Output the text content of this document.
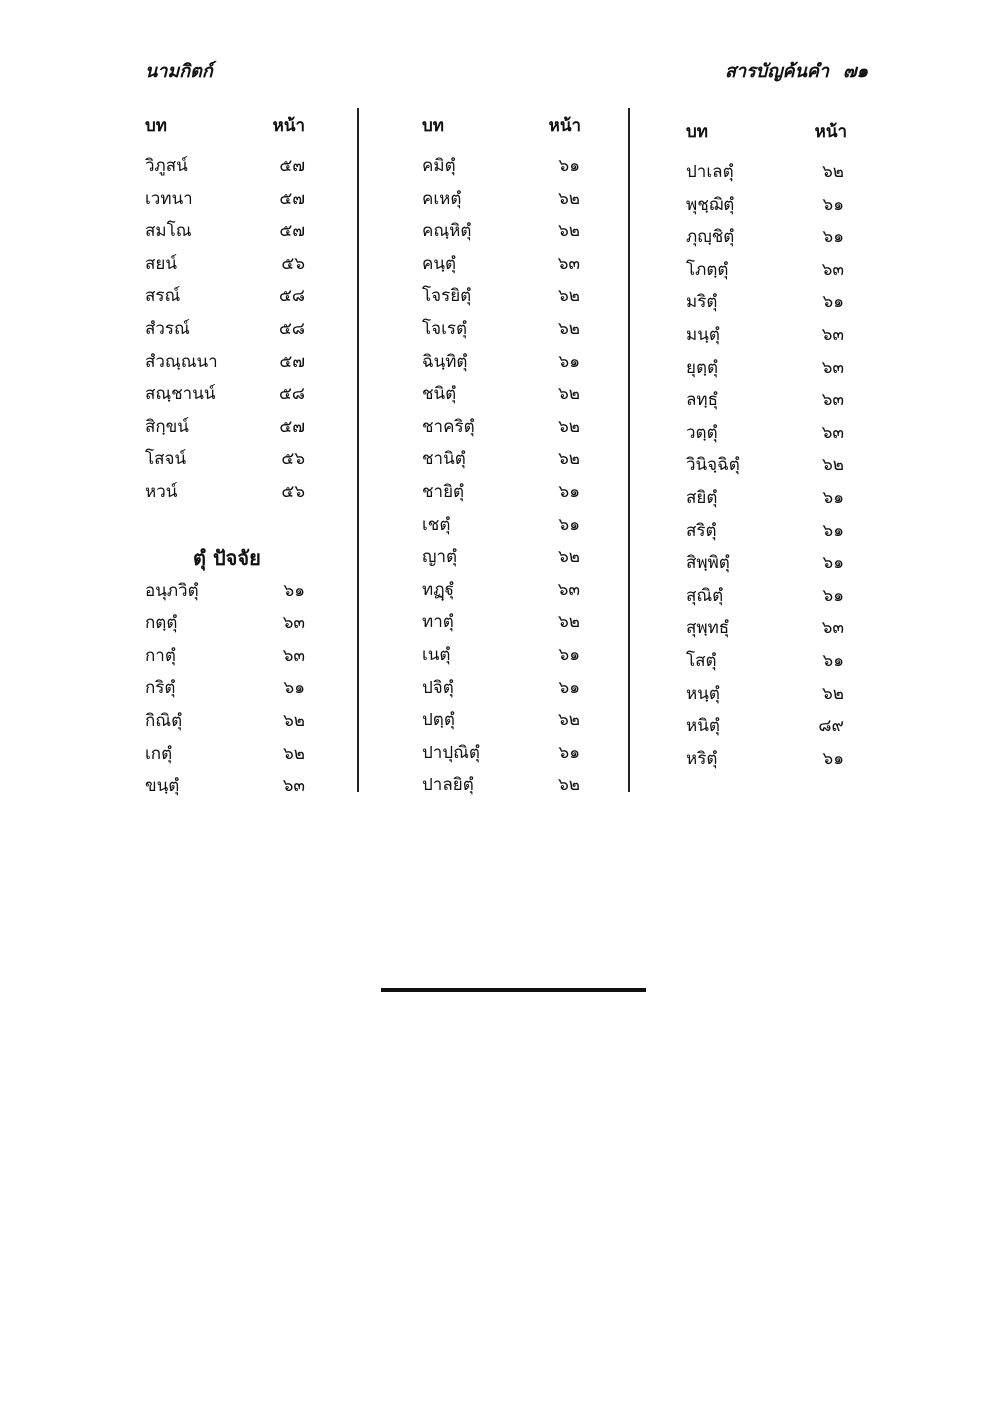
นามกิตก์	สารบัญค้นคำ ๗๑
บท	หน้า
วิภูสน์	๕๗
เวทนา	๕๗
สมโณ	๕๗
สยน์	๕๖
สรณ์	๕๘
สํวรณ์	๕๘
สํวณฺณนา	๕๗
สณฺชานน์	๕๘
สิกฺขน์	๕๗
โสจน์	๕๖
หวน์	๕๖
ตุํ ปัจจัย
อนุภวิตุํ	๖๑
กตฺตุํ	๖๓
กาตุํ	๖๓
กริตุํ	๖๑
กิณิตุํ	๖๒
เกตุํ	๖๒
ขนฺตุํ	๖๓
บท	หน้า
คมิตุํ	๖๑
คเหตุํ	๖๒
คณฺหิตุํ	๖๒
คนฺตุํ	๖๓
โจรยิตุํ	๖๒
โจเรตุํ	๖๒
ฉินฺทิตุํ	๖๑
ชนิตุํ	๖๒
ชาคริตุํ	๖๒
ชานิตุํ	๖๒
ชายิตุํ	๖๑
เชตุํ	๖๑
ญาตุํ	๖๒
ทฏฺฐุํ	๖๓
ทาตุํ	๖๒
เนตุํ	๖๑
ปจิตุํ	๖๑
ปตฺตุํ	๖๒
ปาปุณิตุํ	๖๑
ปาลยิตุํ	๖๒
บท	หน้า
ปาเลตุํ	๖๒
พุชฺฌิตุํ	๖๑
ภุญฺชิตุํ	๖๑
โภตฺตุํ	๖๓
มริตุํ	๖๑
มนฺตุํ	๖๓
ยุตฺตุํ	๖๓
ลทฺธุํ	๖๓
วตฺตุํ	๖๓
วินิจฺฉิตุํ	๖๒
สยิตุํ	๖๑
สริตุํ	๖๑
สิพฺพิตุํ	๖๑
สุณิตุํ	๖๑
สุพฺทธุํ	๖๓
โสตุํ	๖๑
หนฺตุํ	๖๒
หนิตุํ	๘๙
หริตุํ	๖๑
